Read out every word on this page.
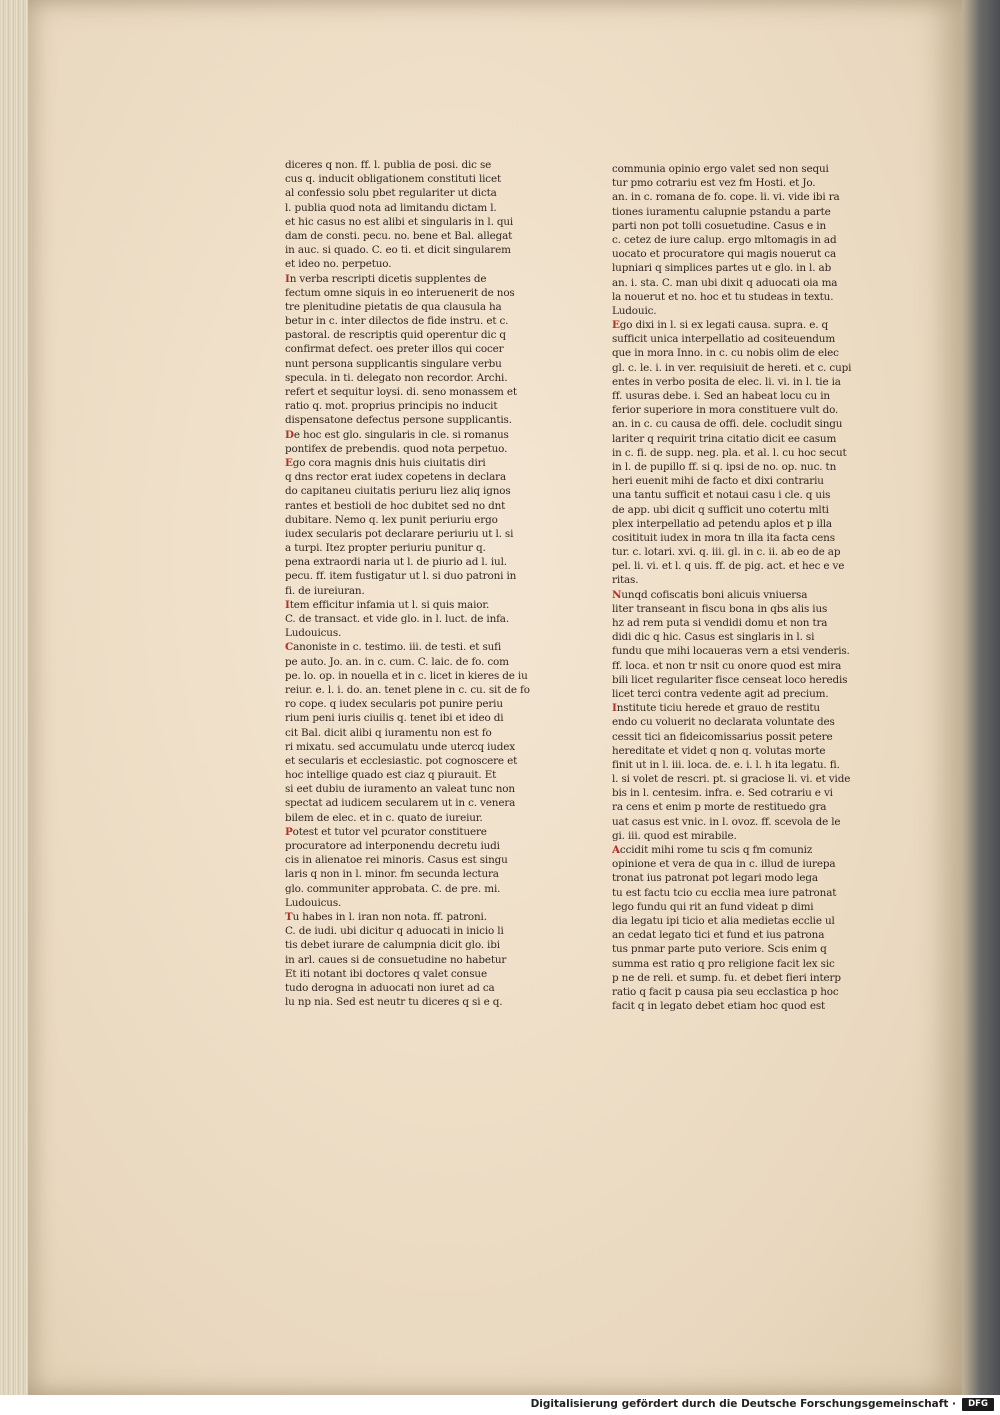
diceres q non. ff. l. publia de posi. dic se
cus q. inducit obligationem constituti licet
al confessio solu pbet regulariter ut dicta
l. publia quod nota ad limitandu dictam l.
et hic casus no est alibi et singularis in l. qui
dam de consti. pecu. no. bene et Bal. allegat
in auc. si quado. C. eo ti. et dicit singularem
et ideo no. perpetuo.
In verba rescripti dicetis supplentes de
fectum omne siquis in eo interuenerit de nos
tre plenitudine pietatis de qua clausula ha
betur in c. inter dilectos de fide instru. et c.
pastoral. de rescriptis quid operentur dic q
confirmat defect. oes preter illos qui cocer
nunt persona supplicantis singulare verbu
specula. in ti. delegato non recordor. Archi.
refert et sequitur loysi. di. seno monassem et
ratio q. mot. proprius principis no inducit
dispensatone defectus persone supplicantis.
De hoc est glo. singularis in cle. si romanus
pontifex de prebendis. quod nota perpetuo.
Ego cora magnis dnis huis ciuitatis diri
q dns rector erat iudex copetens in declara
do capitaneu ciuitatis periuru liez aliq ignos
rantes et bestioli de hoc dubitet sed no dnt
dubitare. Nemo q. lex punit periuriu ergo
iudex secularis pot declarare periuriu ut l. si
a turpi. Itez propter periuriu punitur q.
pena extraordi naria ut l. de piurio ad l. iul.
pecu. ff. item fustigatur ut l. si duo patroni in
fi. de iureiuran.
Item efficitur infamia ut l. si quis maior.
C. de transact. et vide glo. in l. luct. de infa.
Ludouicus.
Canoniste in c. testimo. iii. de testi. et sufi
pe auto. Jo. an. in c. cum. C. laic. de fo. com
pe. lo. op. in nouella et in c. licet in kieres de iu
reiur. e. l. i. do. an. tenet plene in c. cu. sit de fo
ro cope. q iudex secularis pot punire periu
rium peni iuris ciuilis q. tenet ibi et ideo di
cit Bal. dicit alibi q iuramentu non est fo
ri mixatu. sed accumulatu unde utercq iudex
et secularis et ecclesiastic. pot cognoscere et
hoc intellige quado est ciaz q piurauit. Et
si eet dubiu de iuramento an valeat tunc non
spectat ad iudicem secularem ut in c. venera
bilem de elec. et in c. quato de iureiur.
Potest et tutor vel pcurator constituere
procuratore ad interponendu decretu iudi
cis in alienatoe rei minoris. Casus est singu
laris q non in l. minor. fm secunda lectura
glo. communiter approbata. C. de pre. mi.
Ludouicus.
Tu habes in l. iran non nota. ff. patroni.
C. de iudi. ubi dicitur q aduocati in inicio li
tis debet iurare de calumpnia dicit glo. ibi
in arl. caues si de consuetudine no habetur
Et iti notant ibi doctores q valet consue
tudo derogna in aduocati non iuret ad ca
lu np nia. Sed est neutr tu diceres q si e q.
communia opinio ergo valet sed non sequi
tur pmo cotrariu est vez fm Hosti. et Jo.
an. in c. romana de fo. cope. li. vi. vide ibi ra
tiones iuramentu calupnie pstandu a parte
parti non pot tolli cosuetudine. Casus e in
c. cetez de iure calup. ergo mltomagis in ad
uocato et procuratore qui magis nouerut ca
lupniari q simplices partes ut e glo. in l. ab
an. i. sta. C. man ubi dixit q aduocati oia ma
la nouerut et no. hoc et tu studeas in textu.
Ludouic.
Ego dixi in l. si ex legati causa. supra. e. q
sufficit unica interpellatio ad cositeuendum
que in mora Inno. in c. cu nobis olim de elec
gl. c. le. i. in ver. requisiuit de hereti. et c. cupi
entes in verbo posita de elec. li. vi. in l. tie ia
ff. usuras debe. i. Sed an habeat locu cu in
ferior superiore in mora constituere vult do.
an. in c. cu causa de offi. dele. cocludit singu
lariter q requirit trina citatio dicit ee casum
in c. fi. de supp. neg. pla. et al. l. cu hoc secut
in l. de pupillo ff. si q. ipsi de no. op. nuc. tn
heri euenit mihi de facto et dixi contrariu
una tantu sufficit et notaui casu i cle. q uis
de app. ubi dicit q sufficit uno cotertu mlti
plex interpellatio ad petendu aplos et p illa
cositituit iudex in mora tn illa ita facta cens
tur. c. lotari. xvi. q. iii. gl. in c. ii. ab eo de ap
pel. li. vi. et l. q uis. ff. de pig. act. et hec e ve
ritas.
Nunqd cofiscatis boni alicuis vniuersa
liter transeant in fiscu bona in qbs alis ius
hz ad rem puta si vendidi domu et non tra
didi dic q hic. Casus est singlaris in l. si
fundu que mihi locaueras vern a etsi venderis.
ff. loca. et non tr nsit cu onore quod est mira
bili licet regulariter fisce censeat loco heredis
licet terci contra vedente agit ad precium.
Institute ticiu herede et grauo de restitu
endo cu voluerit no declarata voluntate des
cessit tici an fideicomissarius possit petere
hereditate et videt q non q. volutas morte
finit ut in l. iii. loca. de. e. i. l. h ita legatu. fi.
l. si volet de rescri. pt. si graciose li. vi. et vide
bis in l. centesim. infra. e. Sed cotrariu e vi
ra cens et enim p morte de restituedo gra
uat casus est vnic. in l. ovoz. ff. scevola de le
gi. iii. quod est mirabile.
Accidit mihi rome tu scis q fm comuniz
opinione et vera de qua in c. illud de iurepa
tronat ius patronat pot legari modo lega
tu est factu tcio cu ecclia mea iure patronat
lego fundu qui rit an fund videat p dimi
dia legatu ipi ticio et alia medietas ecclie ul
an cedat legato tici et fund et ius patrona
tus pnmar parte puto veriore. Scis enim q
summa est ratio q pro religione facit lex sic
p ne de reli. et sump. fu. et debet fieri interp
ratio q facit p causa pia seu ecclastica p hoc
facit q in legato debet etiam hoc quod est
Digitalisierung gefördert durch die Deutsche Forschungsgemeinschaft ·	DFG
